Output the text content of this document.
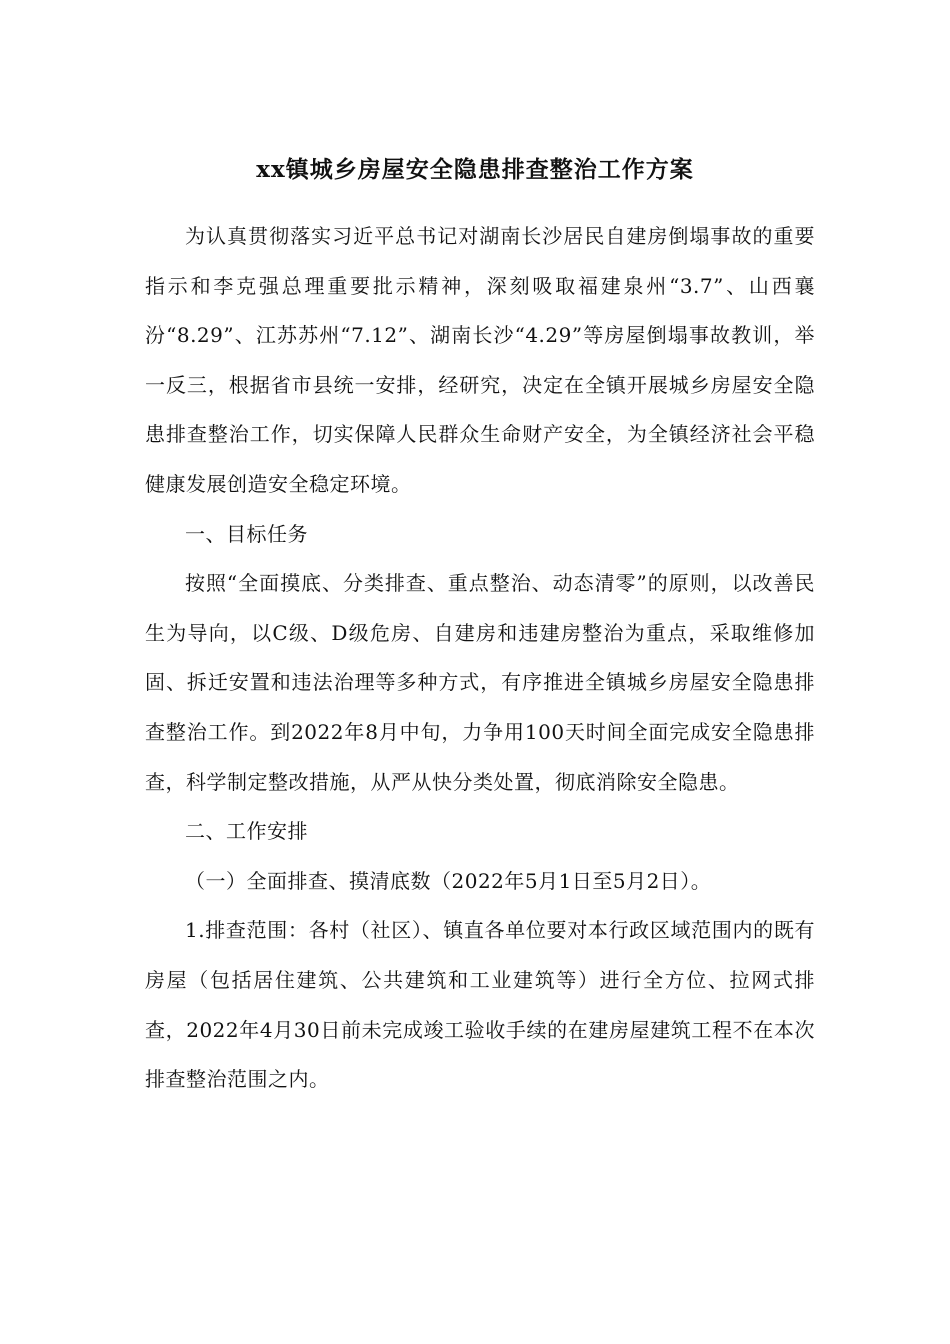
xx镇城乡房屋安全隐患排查整治工作方案

为认真贯彻落实习近平总书记对湖南长沙居民自建房倒塌事故的重要指示和李克强总理重要批示精神，深刻吸取福建泉州“3.7”、山西襄汾“8.29”、江苏苏州“7.12”、湖南长沙“4.29”等房屋倒塌事故教训，举一反三，根据省市县统一安排，经研究，决定在全镇开展城乡房屋安全隐患排查整治工作，切实保障人民群众生命财产安全，为全镇经济社会平稳健康发展创造安全稳定环境。

一、目标任务

按照“全面摸底、分类排查、重点整治、动态清零”的原则，以改善民生为导向，以C级、D级危房、自建房和违建房整治为重点，采取维修加固、拆迁安置和违法治理等多种方式，有序推进全镇城乡房屋安全隐患排查整治工作。到2022年8月中旬，力争用100天时间全面完成安全隐患排查，科学制定整改措施，从严从快分类处置，彻底消除安全隐患。

二、工作安排

（一）全面排查、摸清底数（2022年5月1日至5月2日）。

1.排查范围：各村（社区）、镇直各单位要对本行政区域范围内的既有房屋（包括居住建筑、公共建筑和工业建筑等）进行全方位、拉网式排查，2022年4月30日前未完成竣工验收手续的在建房屋建筑工程不在本次排查整治范围之内。
